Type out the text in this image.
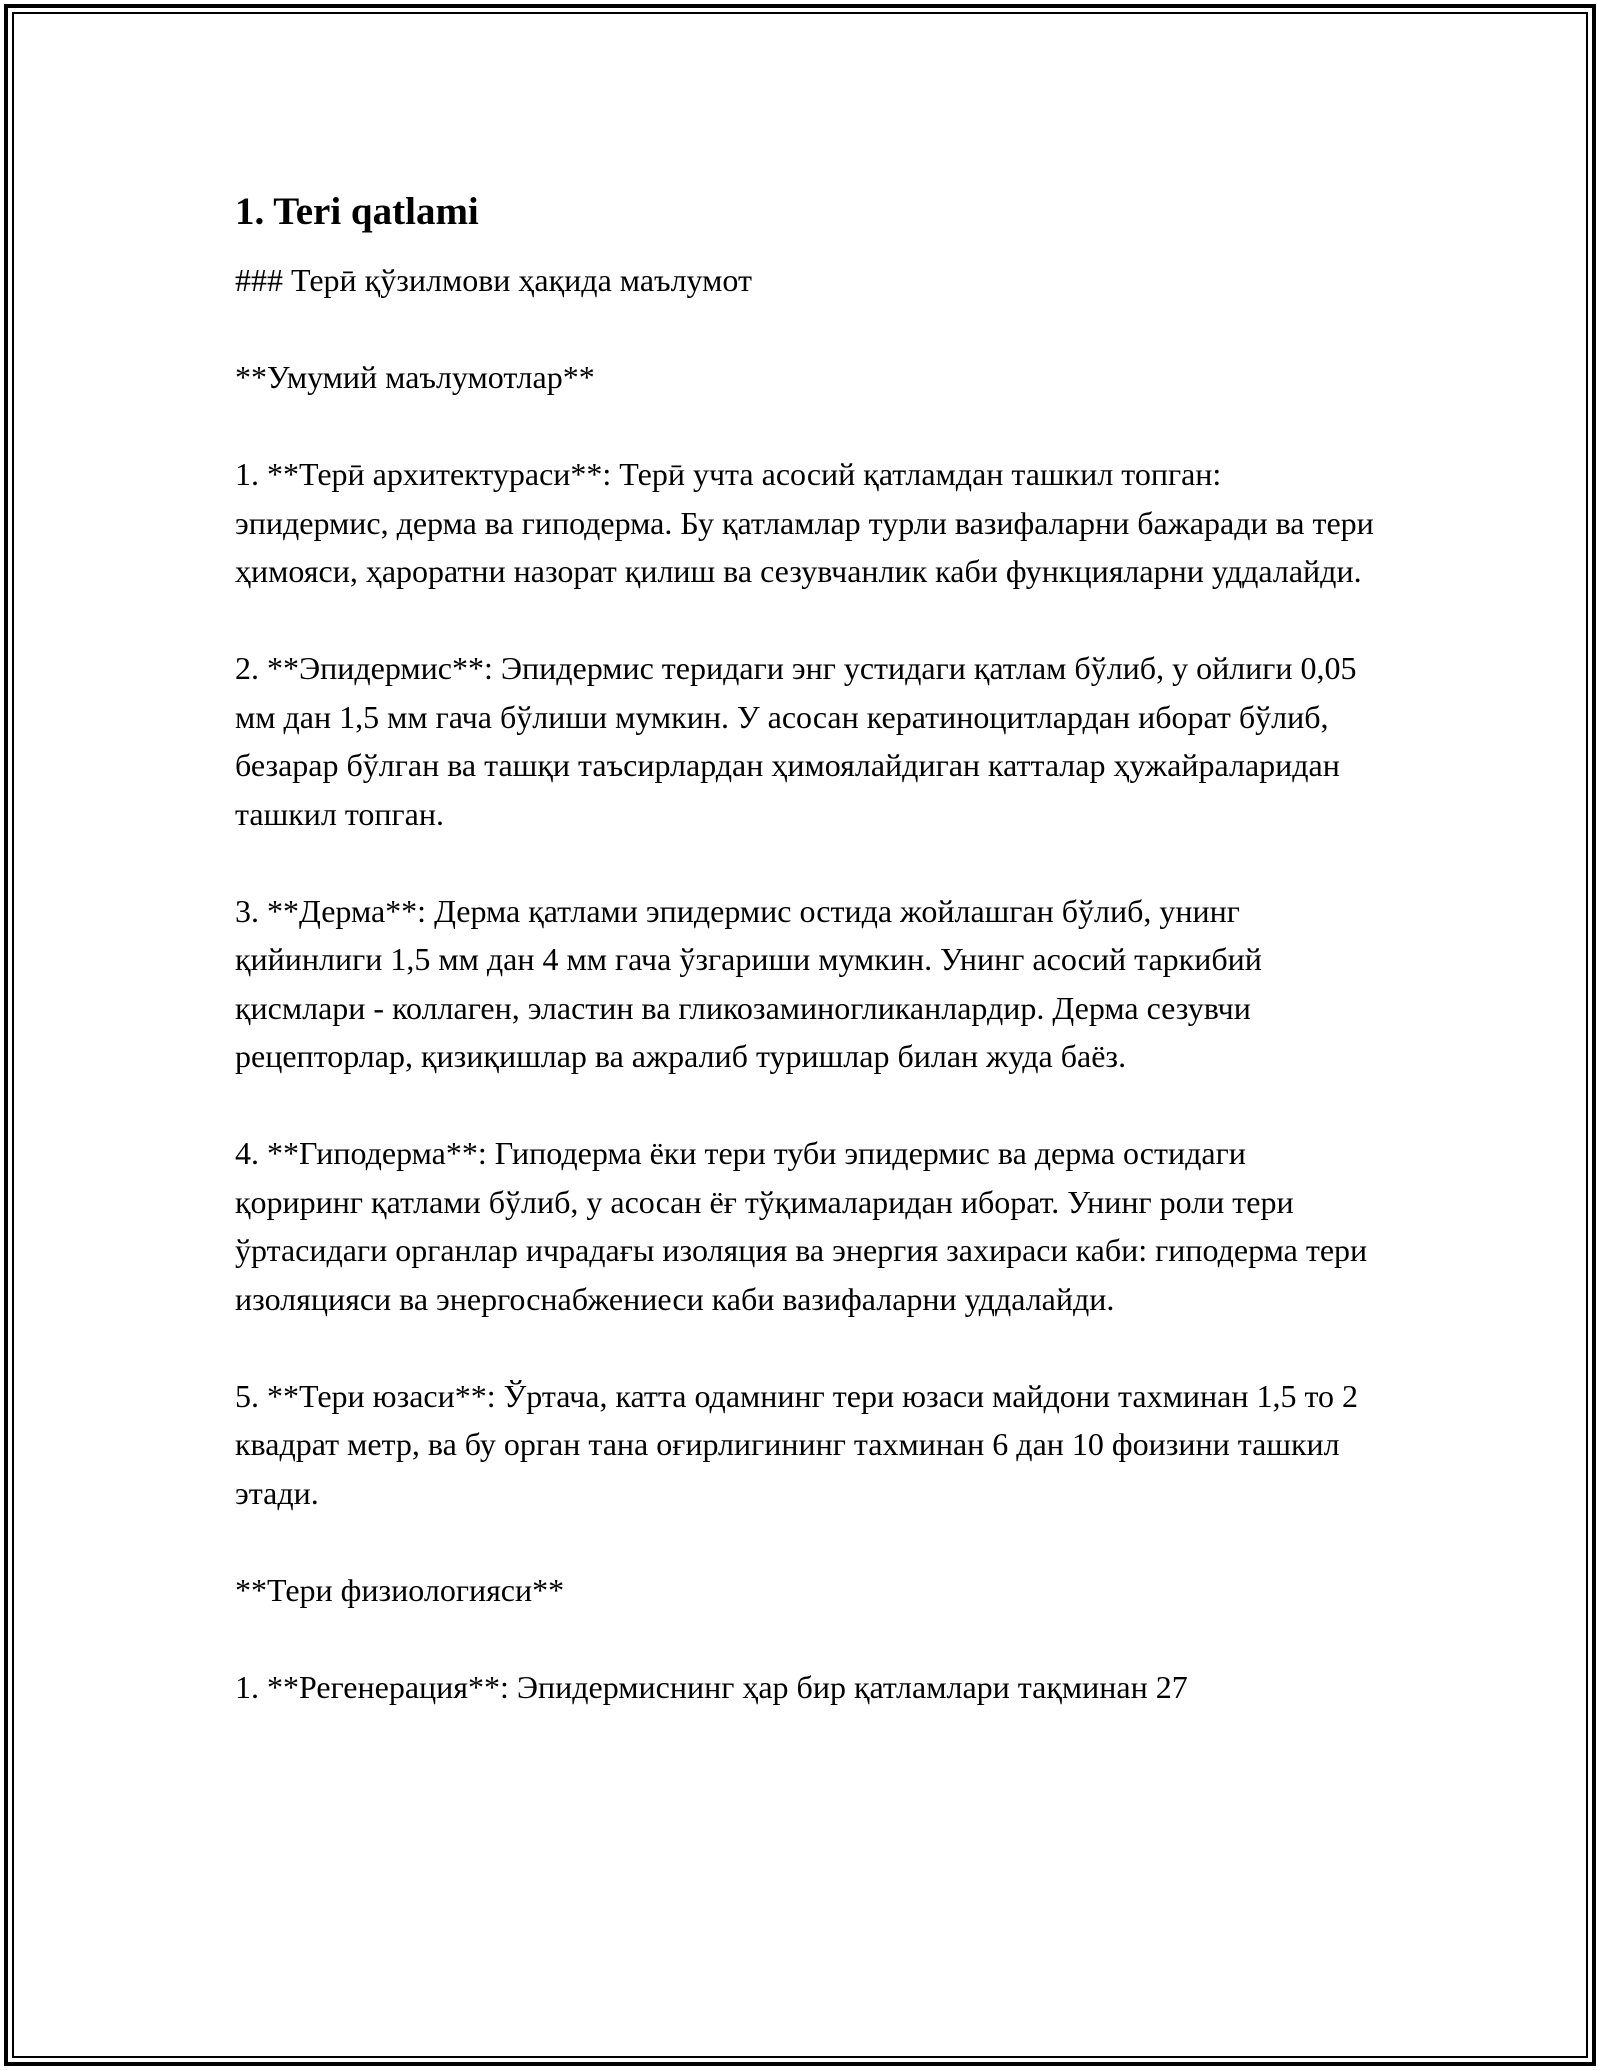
1. Teri qatlami

### Терӣ қўзилмови ҳақида маълумот

**Умумий маълумотлар**

1. **Терӣ архитектураси**: Терӣ учта асосий қатламдан ташкил топган: эпидермис, дерма ва гиподерма. Бу қатламлар турли вазифаларни бажаради ва тери ҳимояси, ҳароратни назорат қилиш ва сезувчанлик каби функцияларни уддалайди.

2. **Эпидермис**: Эпидермис теридаги энг устидаги қатлам бўлиб, у ойлиги 0,05 мм дан 1,5 мм гача бўлиши мумкин. У асосан кератиноцитлардан иборат бўлиб, безарар бўлган ва ташқи таъсирлардан ҳимоялайдиган катталар ҳужайраларидан ташкил топган.

3. **Дерма**: Дерма қатлами эпидермис остида жойлашган бўлиб, унинг қийинлиги 1,5 мм дан 4 мм гача ўзгариши мумкин. Унинг асосий таркибий қисмлари - коллаген, эластин ва гликозаминогликанлардир. Дерма сезувчи рецепторлар, қизиқишлар ва ажралиб туришлар билан жуда баёз.

4. **Гиподерма**: Гиподерма ёки тери туби эпидермис ва дерма остидаги қориринг қатлами бўлиб, у асосан ёғ тўқималаридан иборат. Унинг роли тери ўртасидаги органлар ичрадағы изоляция ва энергия захираси каби: гиподерма тери изоляцияси ва энергоснабжениеси каби вазифаларни уддалайди.

5. **Тери юзаси**: Ўртача, катта одамнинг тери юзаси майдони тахминан 1,5 то 2 квадрат метр, ва бу орган тана оғирлигининг тахминан 6 дан 10 фоизини ташкил этади.

**Тери физиологияси**

1. **Регенерация**: Эпидермиснинг ҳар бир қатламлари тақминан 27
